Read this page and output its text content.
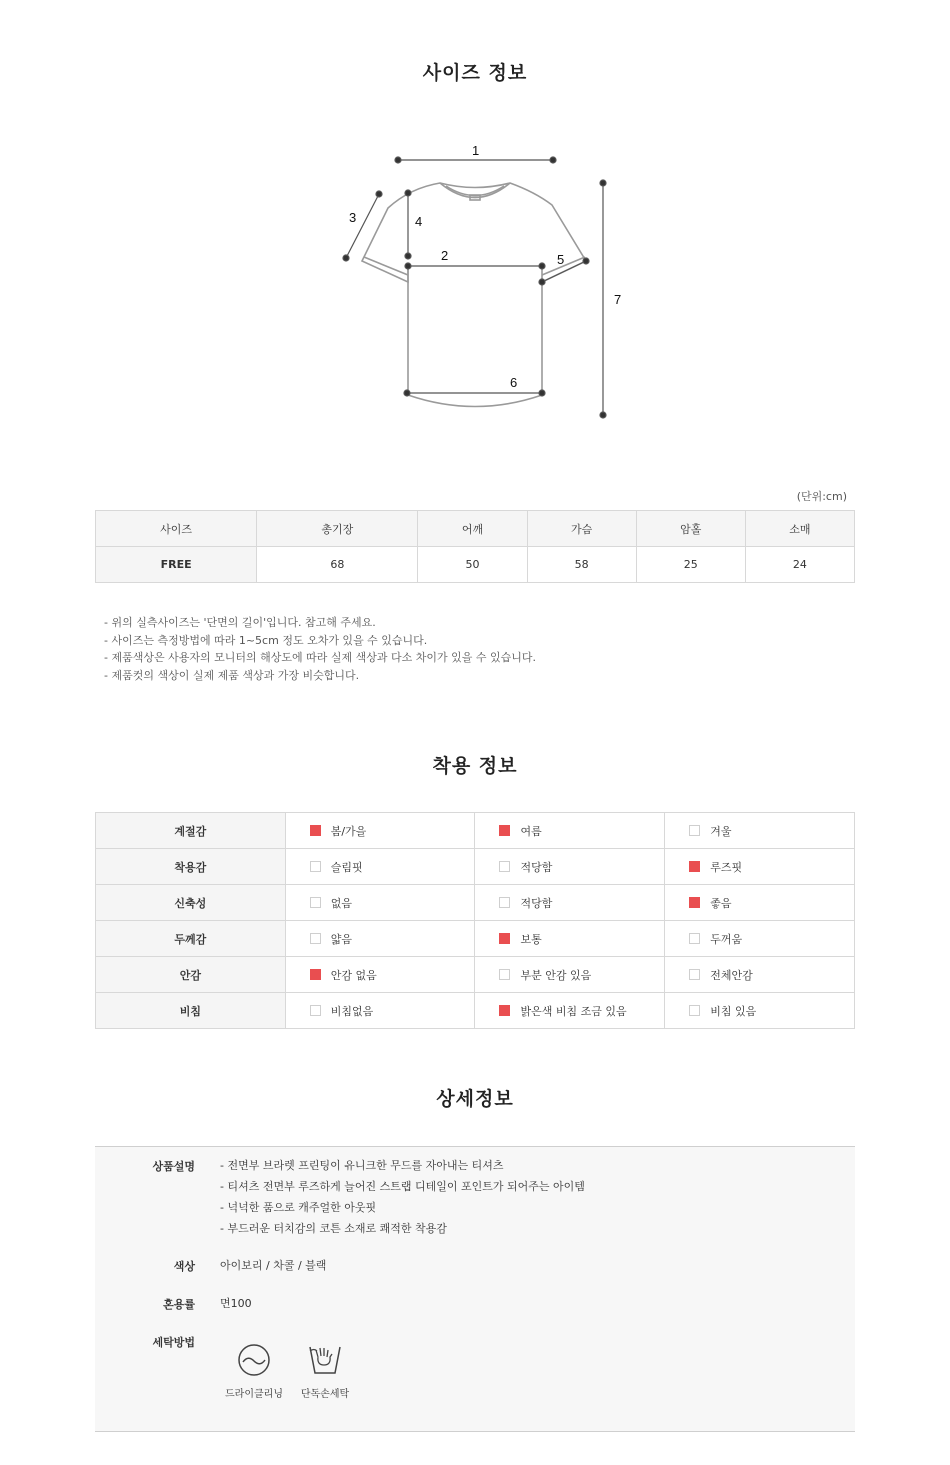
사이즈 정보
1
2
3	4
5
6
7
(단위:cm)
사이즈	총기장	어깨	가슴	암홀	소매
FREE	68	50	58	25	24
- 위의 실측사이즈는 '단면의 길이'입니다. 참고해 주세요.
- 사이즈는 측정방법에 따라 1~5cm 정도 오차가 있을 수 있습니다.
- 제품색상은 사용자의 모니터의 해상도에 따라 실제 색상과 다소 차이가 있을 수 있습니다.
- 제품컷의 색상이 실제 제품 색상과 가장 비슷합니다.
착용 정보
계절감	봄/가을	여름	겨울
착용감	슬림핏	적당함	루즈핏
신축성	없음	적당함	좋음
두께감	얇음	보통	두꺼움
안감	안감 없음	부분 안감 있음	전체안감
비침	비침없음	밝은색 비침 조금 있음	비침 있음
상세정보
상품설명 - 전면부 브라렛 프린팅이 유니크한 무드를 자아내는 티셔츠
- 티셔츠 전면부 루즈하게 늘어진 스트랩 디테일이 포인트가 되어주는 아이템
- 넉넉한 품으로 캐주얼한 아웃핏
- 부드러운 터치감의 코튼 소재로 쾌적한 착용감
색상 아이보리 / 차콜 / 블랙
혼용률 면100
세탁방법
드라이클리닝	단독손세탁
